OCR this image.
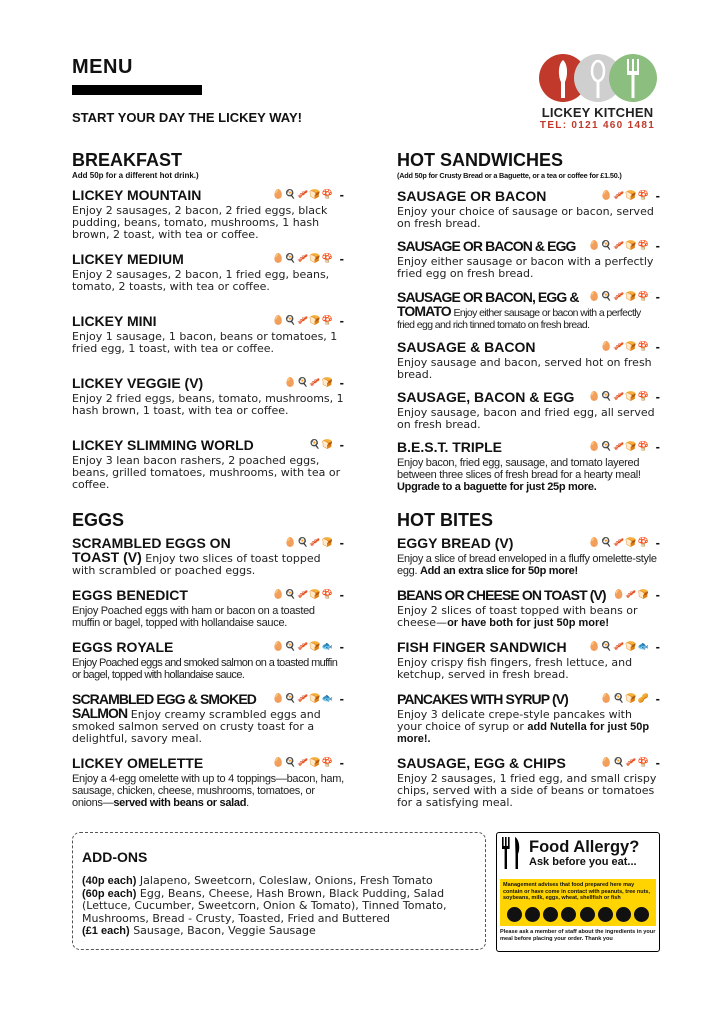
MENU
START YOUR DAY THE LICKEY WAY!	LICKEY KITCHEN
TEL: 0121 460 1481
BREAKFAST
Add 50p for a different hot drink.)
LICKEY MOUNTAIN	🥚🍳🥓🍞🍄 -
Enjoy 2 sausages, 2 bacon, 2 fried eggs, black pudding, beans, tomato, mushrooms, 1 hash brown, 2 toast, with tea or coffee.
LICKEY MEDIUM	🥚🍳🥓🍞🍄 -
Enjoy 2 sausages, 2 bacon, 1 fried egg, beans, tomato, 2 toasts, with tea or coffee.
LICKEY MINI	🥚🍳🥓🍞🍄 -
Enjoy 1 sausage, 1 bacon, beans or tomatoes, 1 fried egg, 1 toast, with tea or coffee.
LICKEY VEGGIE (V)	🥚🍳🥓🍞 -
Enjoy 2 fried eggs, beans, tomato, mushrooms, 1 hash brown, 1 toast, with tea or coffee.
LICKEY SLIMMING WORLD	🍳🍞 -
Enjoy 3 lean bacon rashers, 2 poached eggs, beans, grilled tomatoes, mushrooms, with tea or coffee.
HOT SANDWICHES
(Add 50p for Crusty Bread or a Baguette, or a tea or coffee for £1.50.)
SAUSAGE OR BACON	🥚🥓🍞🍄 -
Enjoy your choice of sausage or bacon, served on fresh bread.
SAUSAGE OR BACON & EGG 🥚🍳🥓🍞🍄 -
Enjoy either sausage or bacon with a perfectly fried egg on fresh bread.
SAUSAGE OR BACON, EGG & 🥚🍳🥓🍞🍄 -
TOMATO Enjoy either sausage or bacon with a perfectly fried egg and rich tinned tomato on fresh bread.
SAUSAGE & BACON	🥚🥓🍞🍄 -
Enjoy sausage and bacon, served hot on fresh bread.
SAUSAGE, BACON & EGG 🥚🍳🥓🍞🍄 -
Enjoy sausage, bacon and fried egg, all served on fresh bread.
B.E.S.T. TRIPLE	🥚🍳🥓🍞🍄 -
Enjoy bacon, fried egg, sausage, and tomato layered between three slices of fresh bread for a hearty meal! Upgrade to a baguette for just 25p more.
EGGS
SCRAMBLED EGGS ON	🥚🍳🥓🍞 -
TOAST (V) Enjoy two slices of toast topped with scrambled or poached eggs.
EGGS BENEDICT	🥚🍳🥓🍞🍄 -
Enjoy Poached eggs with ham or bacon on a toasted muffin or bagel, topped with hollandaise sauce.
EGGS ROYALE	🥚🍳🥓🍞🐟 -
Enjoy Poached eggs and smoked salmon on a toasted muffin or bagel, topped with hollandaise sauce.
SCRAMBLED EGG & SMOKED 🥚🍳🥓🍞🐟 -
SALMON Enjoy creamy scrambled eggs and smoked salmon served on crusty toast for a delightful, savory meal.
LICKEY OMELETTE	🥚🍳🥓🍞🍄 -
Enjoy a 4-egg omelette with up to 4 toppings—bacon, ham, sausage, chicken, cheese, mushrooms, tomatoes, or onions—served with beans or salad.
HOT BITES
EGGY BREAD (V)	🥚🍳🥓🍞🍄 -
Enjoy a slice of bread enveloped in a fluffy omelette-style egg. Add an extra slice for 50p more!
BEANS OR CHEESE ON TOAST (V) 🥚🥓🍞 -
Enjoy 2 slices of toast topped with beans or cheese—or have both for just 50p more!
FISH FINGER SANDWICH 🥚🍳🥓🍞🐟 -
Enjoy crispy fish fingers, fresh lettuce, and ketchup, served in fresh bread.
PANCAKES WITH SYRUP (V)	🥚🍳🍞🥜 -
Enjoy 3 delicate crepe-style pancakes with your choice of syrup or add Nutella for just 50p more!.
SAUSAGE, EGG & CHIPS	🥚🍳🥓🍄 -
Enjoy 2 sausages, 1 fried egg, and small crispy chips, served with a side of beans or tomatoes for a satisfying meal.
ADD-ONS
(40p each) Jalapeno, Sweetcorn, Coleslaw, Onions, Fresh Tomato
(60p each) Egg, Beans, Cheese, Hash Brown, Black Pudding, Salad (Lettuce, Cucumber, Sweetcorn, Onion & Tomato), Tinned Tomato, Mushrooms, Bread - Crusty, Toasted, Fried and Buttered
(£1 each) Sausage, Bacon, Veggie Sausage
Food Allergy?
Ask before you eat...
Management advises that food prepared here may contain or have come in contact with peanuts, tree nuts, soybeans, milk, eggs, wheat, shellfish or fish
Please ask a member of staff about the ingredients in your meal before placing your order. Thank you
